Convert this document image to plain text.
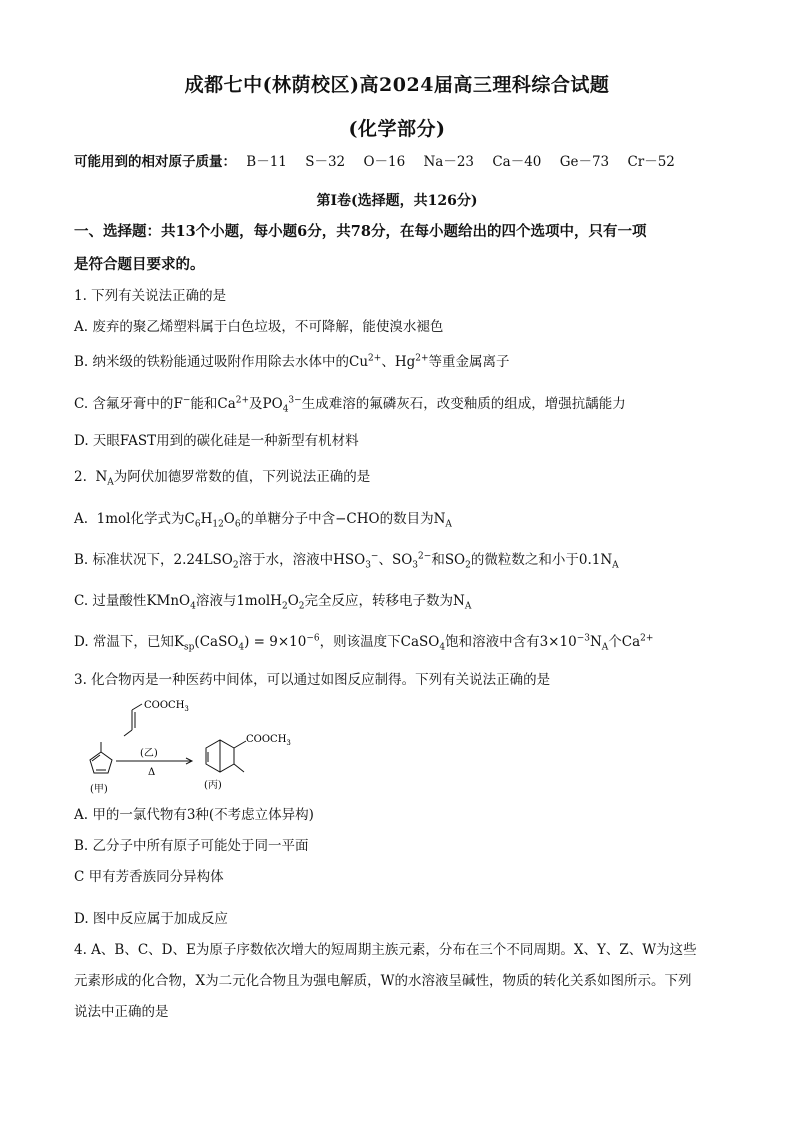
成都七中(林荫校区)高2024届高三理科综合试题
(化学部分)
可能用到的相对原子质量： B－11 S－32 O－16 Na－23 Ca－40 Ge－73 Cr－52
第Ⅰ卷(选择题，共126分)
一、选择题：共13个小题，每小题6分，共78分，在每小题给出的四个选项中，只有一项
是符合题目要求的。
1. 下列有关说法正确的是
A. 废弃的聚乙烯塑料属于白色垃圾，不可降解，能使溴水褪色
B. 纳米级的铁粉能通过吸附作用除去水体中的$Cu^{2+}$、$Hg^{2+}$等重金属离子
C. 含氟牙膏中的F−能和$Ca^{2+}$及$PO_4^{3-}$生成难溶的氟磷灰石，改变釉质的组成，增强抗龋能力
D. 天眼FAST用到的碳化硅是一种新型有机材料
2. $N_A$为阿伏加德罗常数的值，下列说法正确的是
A. 1mol化学式为$C_6H_{12}O_6$的单糖分子中含−CHO的数目为$N_A$
B. 标准状况下，$2.24LSO_2$溶于水，溶液中$HSO_3^-$、$SO_3^{2-}$和$SO_2$的微粒数之和小于$0.1N_A$
C. 过量酸性KMnO$_4$溶液与$1molH_2O_2$完全反应，转移电子数为$N_A$
D. 常温下，已知$K_{sp}(CaSO_4) = 9\times 10^{-6}$，则该温度下CaSO$_4$饱和溶液中含有$3\times 10^{-3}N_A$个$Ca^{2+}$
3. 化合物丙是一种医药中间体，可以通过如图反应制得。下列有关说法正确的是
$COOCH_3$
(甲)
(乙)
Δ
$COOCH_3$
(丙)
A. 甲的一氯代物有3种(不考虑立体异构)
B. 乙分子中所有原子可能处于同一平面
C 甲有芳香族同分异构体
D. 图中反应属于加成反应
4. A、B、C、D、E为原子序数依次增大的短周期主族元素，分布在三个不同周期。X、Y、Z、W为这些
元素形成的化合物，X为二元化合物且为强电解质，W的水溶液呈碱性，物质的转化关系如图所示。下列
说法中正确的是
